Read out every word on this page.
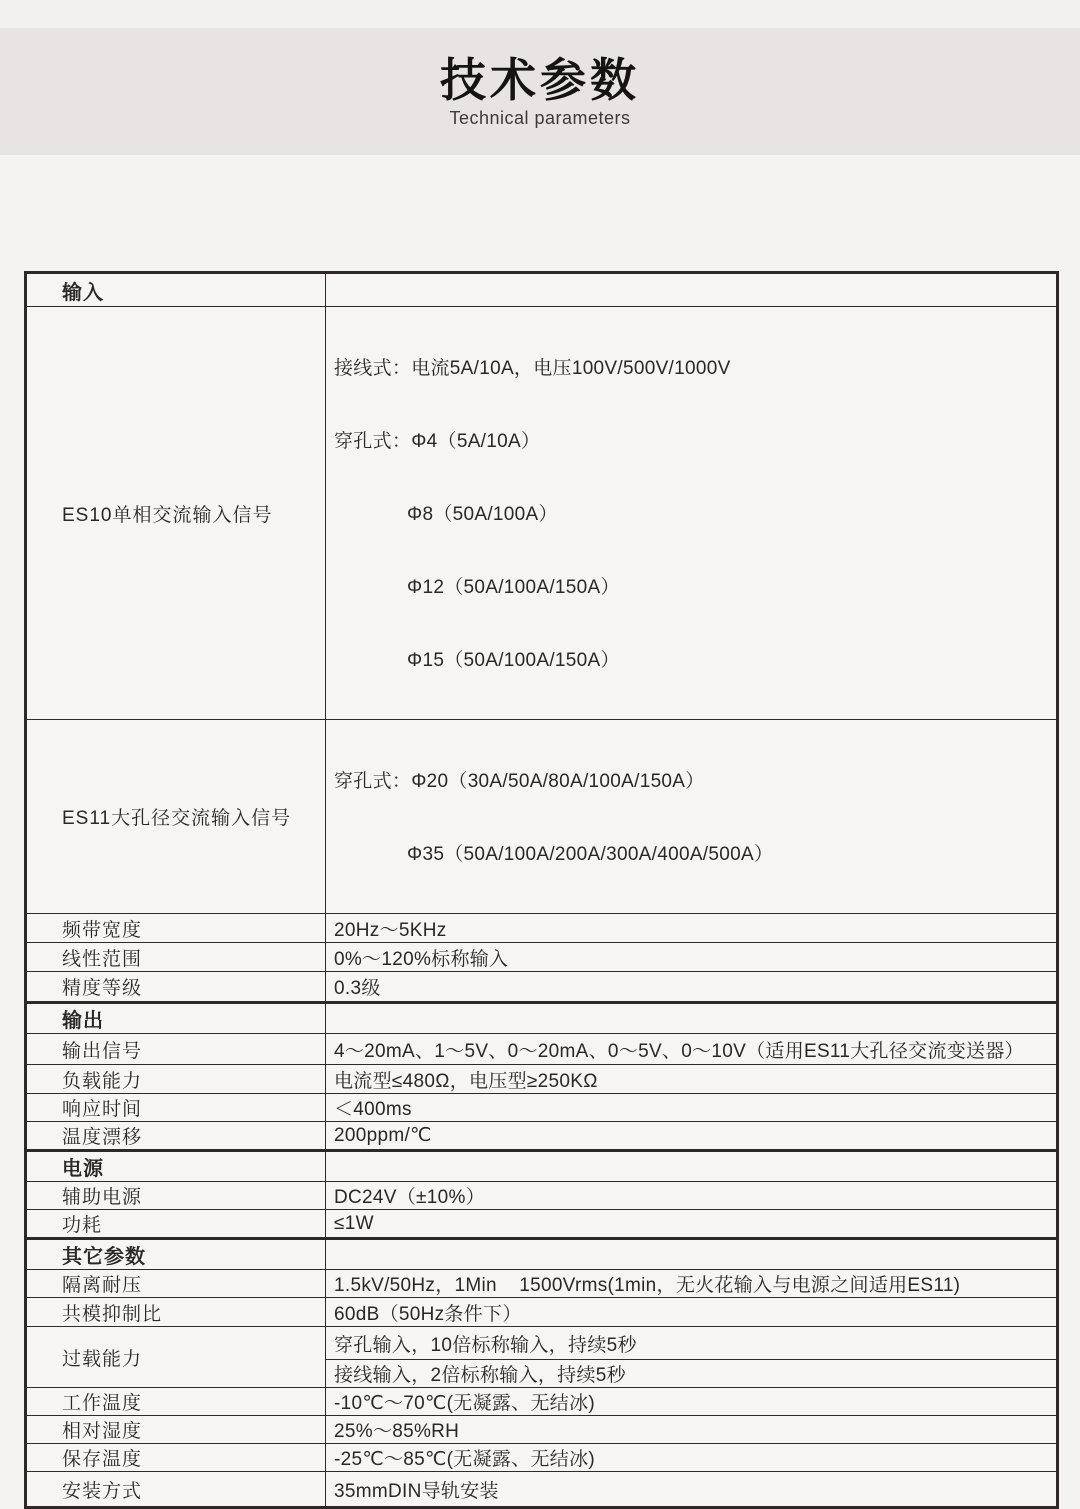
技术参数
Technical parameters
输入	
ES10单相交流输入信号	接线式：电流5A/10A，电压100V/500V/1000V

穿孔式：Φ4（5A/10A）

Φ8（50A/100A）

Φ12（50A/100A/150A）

Φ15（50A/100A/150A）

ES11大孔径交流输入信号	穿孔式：Φ20（30A/50A/80A/100A/150A）

Φ35（50A/100A/200A/300A/400A/500A）

频带宽度	20Hz～5KHz
线性范围	0%～120%标称输入
精度等级	0.3级
输出	
输出信号	4～20mA、1～5V、0～20mA、0～5V、0～10V（适用ES11大孔径交流变送器）
负载能力	电流型≤480Ω，电压型≥250KΩ
响应时间	＜400ms
温度漂移	200ppm/℃
电源	
辅助电源	DC24V（±10%）
功耗	≤1W
其它参数	
隔离耐压	1.5kV/50Hz，1Min    1500Vrms(1min，无火花输入与电源之间适用ES11)
共模抑制比	60dB（50Hz条件下）
过载能力	穿孔输入，10倍标称输入，持续5秒
	接线输入，2倍标称输入，持续5秒
工作温度	-10℃～70℃(无凝露、无结冰)
相对湿度	25%～85%RH
保存温度	-25℃～85℃(无凝露、无结冰)
安装方式	35mmDIN导轨安装
